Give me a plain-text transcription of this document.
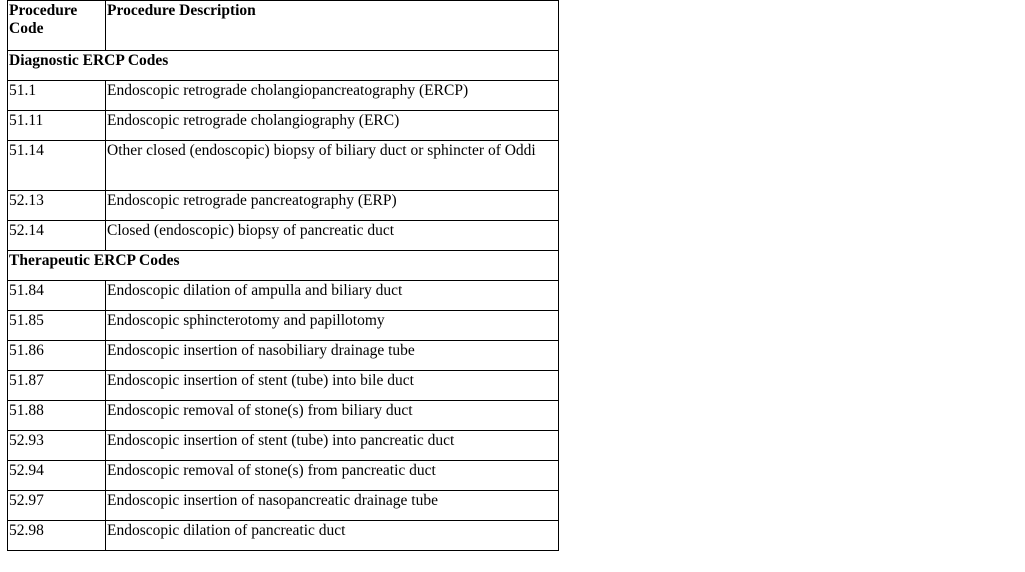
Procedure Code	Procedure Description
Diagnostic ERCP Codes	
51.1	Endoscopic retrograde cholangiopancreatography (ERCP)
51.11	Endoscopic retrograde cholangiography (ERC)
51.14	Other closed (endoscopic) biopsy of biliary duct or sphincter of Oddi
52.13	Endoscopic retrograde pancreatography (ERP)
52.14	Closed (endoscopic) biopsy of pancreatic duct
Therapeutic ERCP Codes	
51.84	Endoscopic dilation of ampulla and biliary duct
51.85	Endoscopic sphincterotomy and papillotomy
51.86	Endoscopic insertion of nasobiliary drainage tube
51.87	Endoscopic insertion of stent (tube) into bile duct
51.88	Endoscopic removal of stone(s) from biliary duct
52.93	Endoscopic insertion of stent (tube) into pancreatic duct
52.94	Endoscopic removal of stone(s) from pancreatic duct
52.97	Endoscopic insertion of nasopancreatic drainage tube
52.98	Endoscopic dilation of pancreatic duct
